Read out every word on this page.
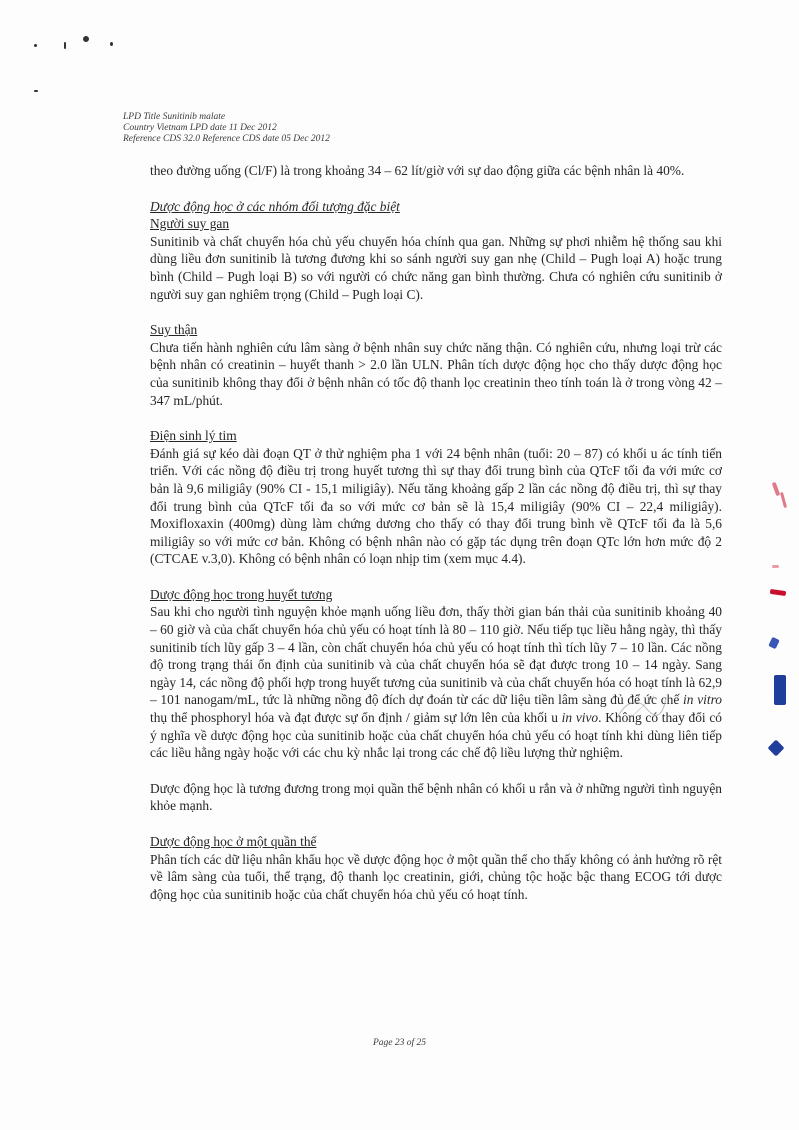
LPD Title Sunitinib malate
Country Vietnam LPD date 11 Dec 2012
Reference CDS 32.0 Reference CDS date 05 Dec 2012

theo đường uống (Cl/F) là trong khoảng 34 – 62 lít/giờ với sự dao động giữa các bệnh nhân là 40%.

Dược động học ở các nhóm đối tượng đặc biệt

Người suy gan

Sunitinib và chất chuyển hóa chủ yếu chuyển hóa chính qua gan. Những sự phơi nhiễm hệ thống sau khi dùng liều đơn sunitinib là tương đương khi so sánh người suy gan nhẹ (Child – Pugh loại A) hoặc trung bình (Child – Pugh loại B) so với người có chức năng gan bình thường. Chưa có nghiên cứu sunitinib ở người suy gan nghiêm trọng (Child – Pugh loại C).

Suy thận

Chưa tiến hành nghiên cứu lâm sàng ở bệnh nhân suy chức năng thận. Có nghiên cứu, nhưng loại trừ các bệnh nhân có creatinin – huyết thanh > 2.0 lần ULN. Phân tích dược động học cho thấy dược động học của sunitinib không thay đổi ở bệnh nhân có tốc độ thanh lọc creatinin theo tính toán là ở trong vòng 42 – 347 mL/phút.

Điện sinh lý tim

Đánh giá sự kéo dài đoạn QT ở thử nghiệm pha 1 với 24 bệnh nhân (tuổi: 20 – 87) có khối u ác tính tiến triển. Với các nồng độ điều trị trong huyết tương thì sự thay đổi trung bình của QTcF tối đa với mức cơ bản là 9,6 miligiây (90% CI - 15,1 miligiây). Nếu tăng khoảng gấp 2 lần các nồng độ điều trị, thì sự thay đổi trung bình của QTcF tối đa so với mức cơ bản sẽ là 15,4 miligiây (90% CI – 22,4 miligiây). Moxifloxaxin (400mg) dùng làm chứng dương cho thấy có thay đổi trung bình về QTcF tối đa là 5,6 miligiây so với mức cơ bản. Không có bệnh nhân nào có gặp tác dụng trên đoạn QTc lớn hơn mức độ 2 (CTCAE v.3,0). Không có bệnh nhân có loạn nhịp tim (xem mục 4.4).

Dược động học trong huyết tương

Sau khi cho người tình nguyện khỏe mạnh uống liều đơn, thấy thời gian bán thải của sunitinib khoảng 40 – 60 giờ và của chất chuyển hóa chủ yếu có hoạt tính là 80 – 110 giờ. Nếu tiếp tục liều hằng ngày, thì thấy sunitinib tích lũy gấp 3 – 4 lần, còn chất chuyển hóa chủ yếu có hoạt tính thì tích lũy 7 – 10 lần. Các nồng độ trong trạng thái ổn định của sunitinib và của chất chuyển hóa sẽ đạt được trong 10 – 14 ngày. Sang ngày 14, các nồng độ phối hợp trong huyết tương của sunitinib và của chất chuyển hóa có hoạt tính là 62,9 – 101 nanogam/mL, tức là những nồng độ đích dự đoán từ các dữ liệu tiền lâm sàng đủ để ức chế in vitro thụ thể phosphoryl hóa và đạt được sự ổn định / giảm sự lớn lên của khối u in vivo. Không có thay đổi có ý nghĩa về dược động học của sunitinib hoặc của chất chuyển hóa chủ yếu có hoạt tính khi dùng liên tiếp các liều hằng ngày hoặc với các chu kỳ nhắc lại trong các chế độ liều lượng thử nghiệm.

Dược động học là tương đương trong mọi quần thể bệnh nhân có khối u rắn và ở những người tình nguyện khỏe mạnh.

Dược động học ở một quần thể

Phân tích các dữ liệu nhân khẩu học về dược động học ở một quần thể cho thấy không có ảnh hưởng rõ rệt về lâm sàng của tuổi, thể trạng, độ thanh lọc creatinin, giới, chủng tộc hoặc bậc thang ECOG tới dược động học của sunitinib hoặc của chất chuyển hóa chủ yếu có hoạt tính.

Page 23 of 25
